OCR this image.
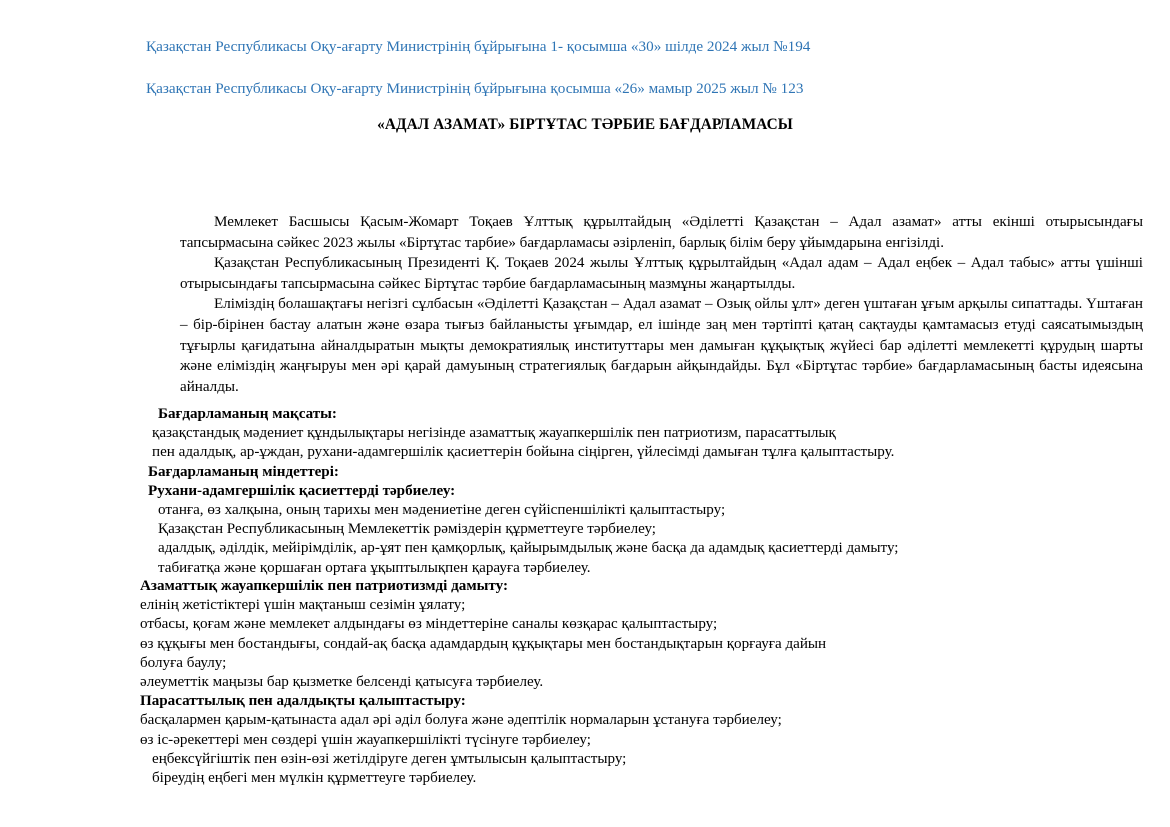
Қазақстан Республикасы Оқу-ағарту Министрінің бұйрығына 1- қосымша «30» шілде 2024 жыл №194
Қазақстан Республикасы Оқу-ағарту Министрінің бұйрығына қосымша «26» мамыр 2025 жыл № 123
«АДАЛ АЗАМАТ» БІРТҰТАС ТӘРБИЕ БАҒДАРЛАМАСЫ

Мемлекет Басшысы Қасым-Жомарт Тоқаев Ұлттық құрылтайдың «Әділетті Қазақстан – Адал азамат» атты екінші отырысындағы тапсырмасына сәйкес 2023 жылы «Біртұтас тарбие» бағдарламасы әзірленіп, барлық білім беру ұйымдарына енгізілді.

Қазақстан Республикасының Президенті Қ. Тоқаев 2024 жылы Ұлттық құрылтайдың «Адал адам – Адал еңбек – Адал табыс» атты үшінші отырысындағы тапсырмасына сәйкес Біртұтас тәрбие бағдарламасының мазмұны жаңартылды.

Еліміздің болашақтағы негізгі сұлбасын «Әділетті Қазақстан – Адал азамат – Озық ойлы ұлт» деген үштаған ұғым арқылы сипаттады. Үштаған – бір-бірінен бастау алатын және өзара тығыз байланысты ұғымдар, ел ішінде заң мен тәртіпті қатаң сақтауды қамтамасыз етуді саясатымыздың тұғырлы қағидатына айналдыратын мықты демократиялық институттары мен дамыған құқықтық жүйесі бар әділетті мемлекетті құрудың шарты және еліміздің жаңғыруы мен әрі қарай дамуының стратегиялық бағдарын айқындайды. Бұл «Біртұтас тәрбие» бағдарламасының басты идеясына айналды.

Бағдарламаның мақсаты:
қазақстандық мәдениет құндылықтары негізінде азаматтық жауапкершілік пен патриотизм, парасаттылық
пен адалдық, ар-ұждан, рухани-адамгершілік қасиеттерін бойына сіңірген, үйлесімді дамыған тұлға қалыптастыру.
Бағдарламаның міндеттері:
Рухани-адамгершілік қасиеттерді тәрбиелеу:
отанға, өз халқына, оның тарихы мен мәдениетіне деген сүйіспеншілікті қалыптастыру;
Қазақстан Республикасының Мемлекеттік рәміздерін құрметтеуге тәрбиелеу;
адалдық, әділдік, мейірімділік, ар-ұят пен қамқорлық, қайырымдылық және басқа да адамдық қасиеттерді дамыту;
табиғатқа және қоршаған ортаға ұқыптылықпен қарауға тәрбиелеу.
Азаматтық жауапкершілік пен патриотизмді дамыту:
елінің жетістіктері үшін мақтаныш сезімін ұялату;
отбасы, қоғам және мемлекет алдындағы өз міндеттеріне саналы көзқарас қалыптастыру;
өз құқығы мен бостандығы, сондай-ақ басқа адамдардың құқықтары мен бостандықтарын қорғауға дайын
болуға баулу;
әлеуметтік маңызы бар қызметке белсенді қатысуға тәрбиелеу.
Парасаттылық пен адалдықты қалыптастыру:
басқалармен қарым-қатынаста адал әрі әділ болуға және әдептілік нормаларын ұстануға тәрбиелеу;
өз іс-әрекеттері мен сөздері үшін жауапкершілікті түсінуге тәрбиелеу;
еңбексүйгіштік пен өзін-өзі жетілдіруге деген ұмтылысын қалыптастыру;
біреудің еңбегі мен мүлкін құрметтеуге тәрбиелеу.
